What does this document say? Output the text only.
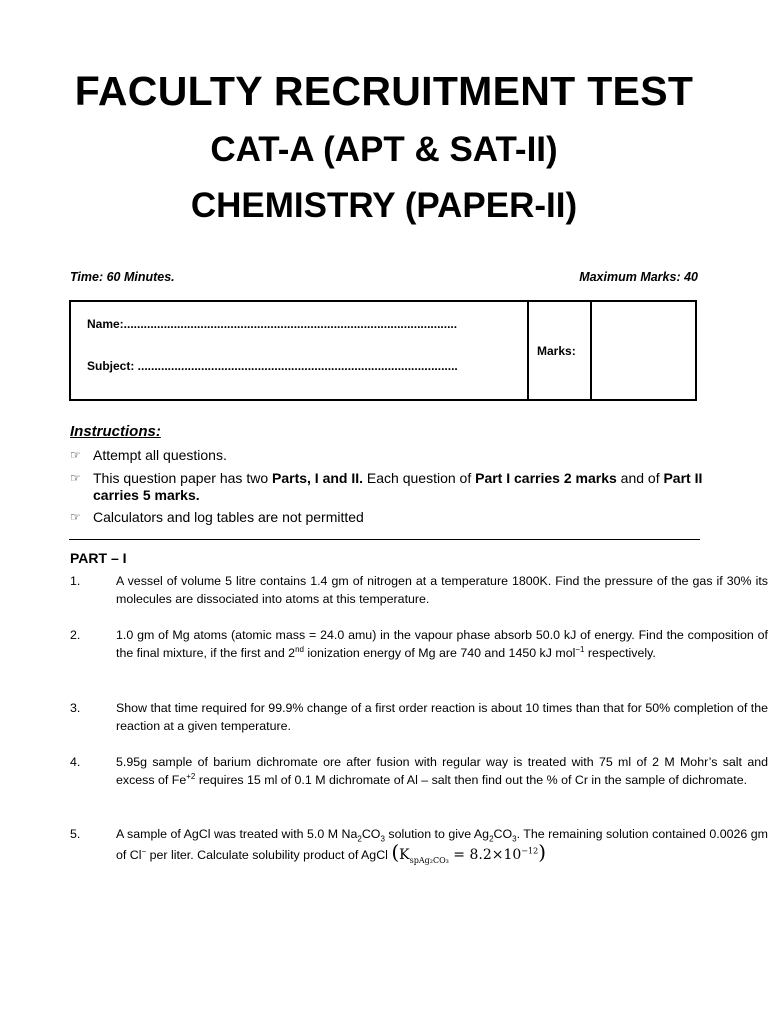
FACULTY RECRUITMENT TEST
CAT-A (APT & SAT-II)
CHEMISTRY (PAPER-II)
Time: 60 Minutes.	Maximum Marks: 40
Name:....................................................................................................
Subject: ................................................................................................
Marks:
Instructions:
☞ Attempt all questions.
☞ This question paper has two Parts, I and II. Each question of Part I carries 2 marks and of Part II carries 5 marks.
☞ Calculators and log tables are not permitted
PART – I
1.	A vessel of volume 5 litre contains 1.4 gm of nitrogen at a temperature 1800K. Find the pressure of the gas if 30% its molecules are dissociated into atoms at this temperature.
2.	1.0 gm of Mg atoms (atomic mass = 24.0 amu) in the vapour phase absorb 50.0 kJ of energy. Find the composition of the final mixture, if the first and 2nd ionization energy of Mg are 740 and 1450 kJ mol$^{-1}$ respectively.
3.	Show that time required for 99.9% change of a first order reaction is about 10 times than that for 50% completion of the reaction at a given temperature.
4.	5.95g sample of barium dichromate ore after fusion with regular way is treated with 75 ml of 2 M Mohr’s salt and excess of $Fe^{+2}$ requires 15 ml of 0.1 M dichromate of Al – salt then find out the % of Cr in the sample of dichromate.
5.	A sample of AgCl was treated with 5.0 M $Na_2CO_3$ solution to give $Ag_2CO_3$. The remaining solution contained 0.0026 gm of Cl− per liter. Calculate solubility product of AgCl $(K_{spAg_2CO_3} = 8.2\times 10^{-12})$
